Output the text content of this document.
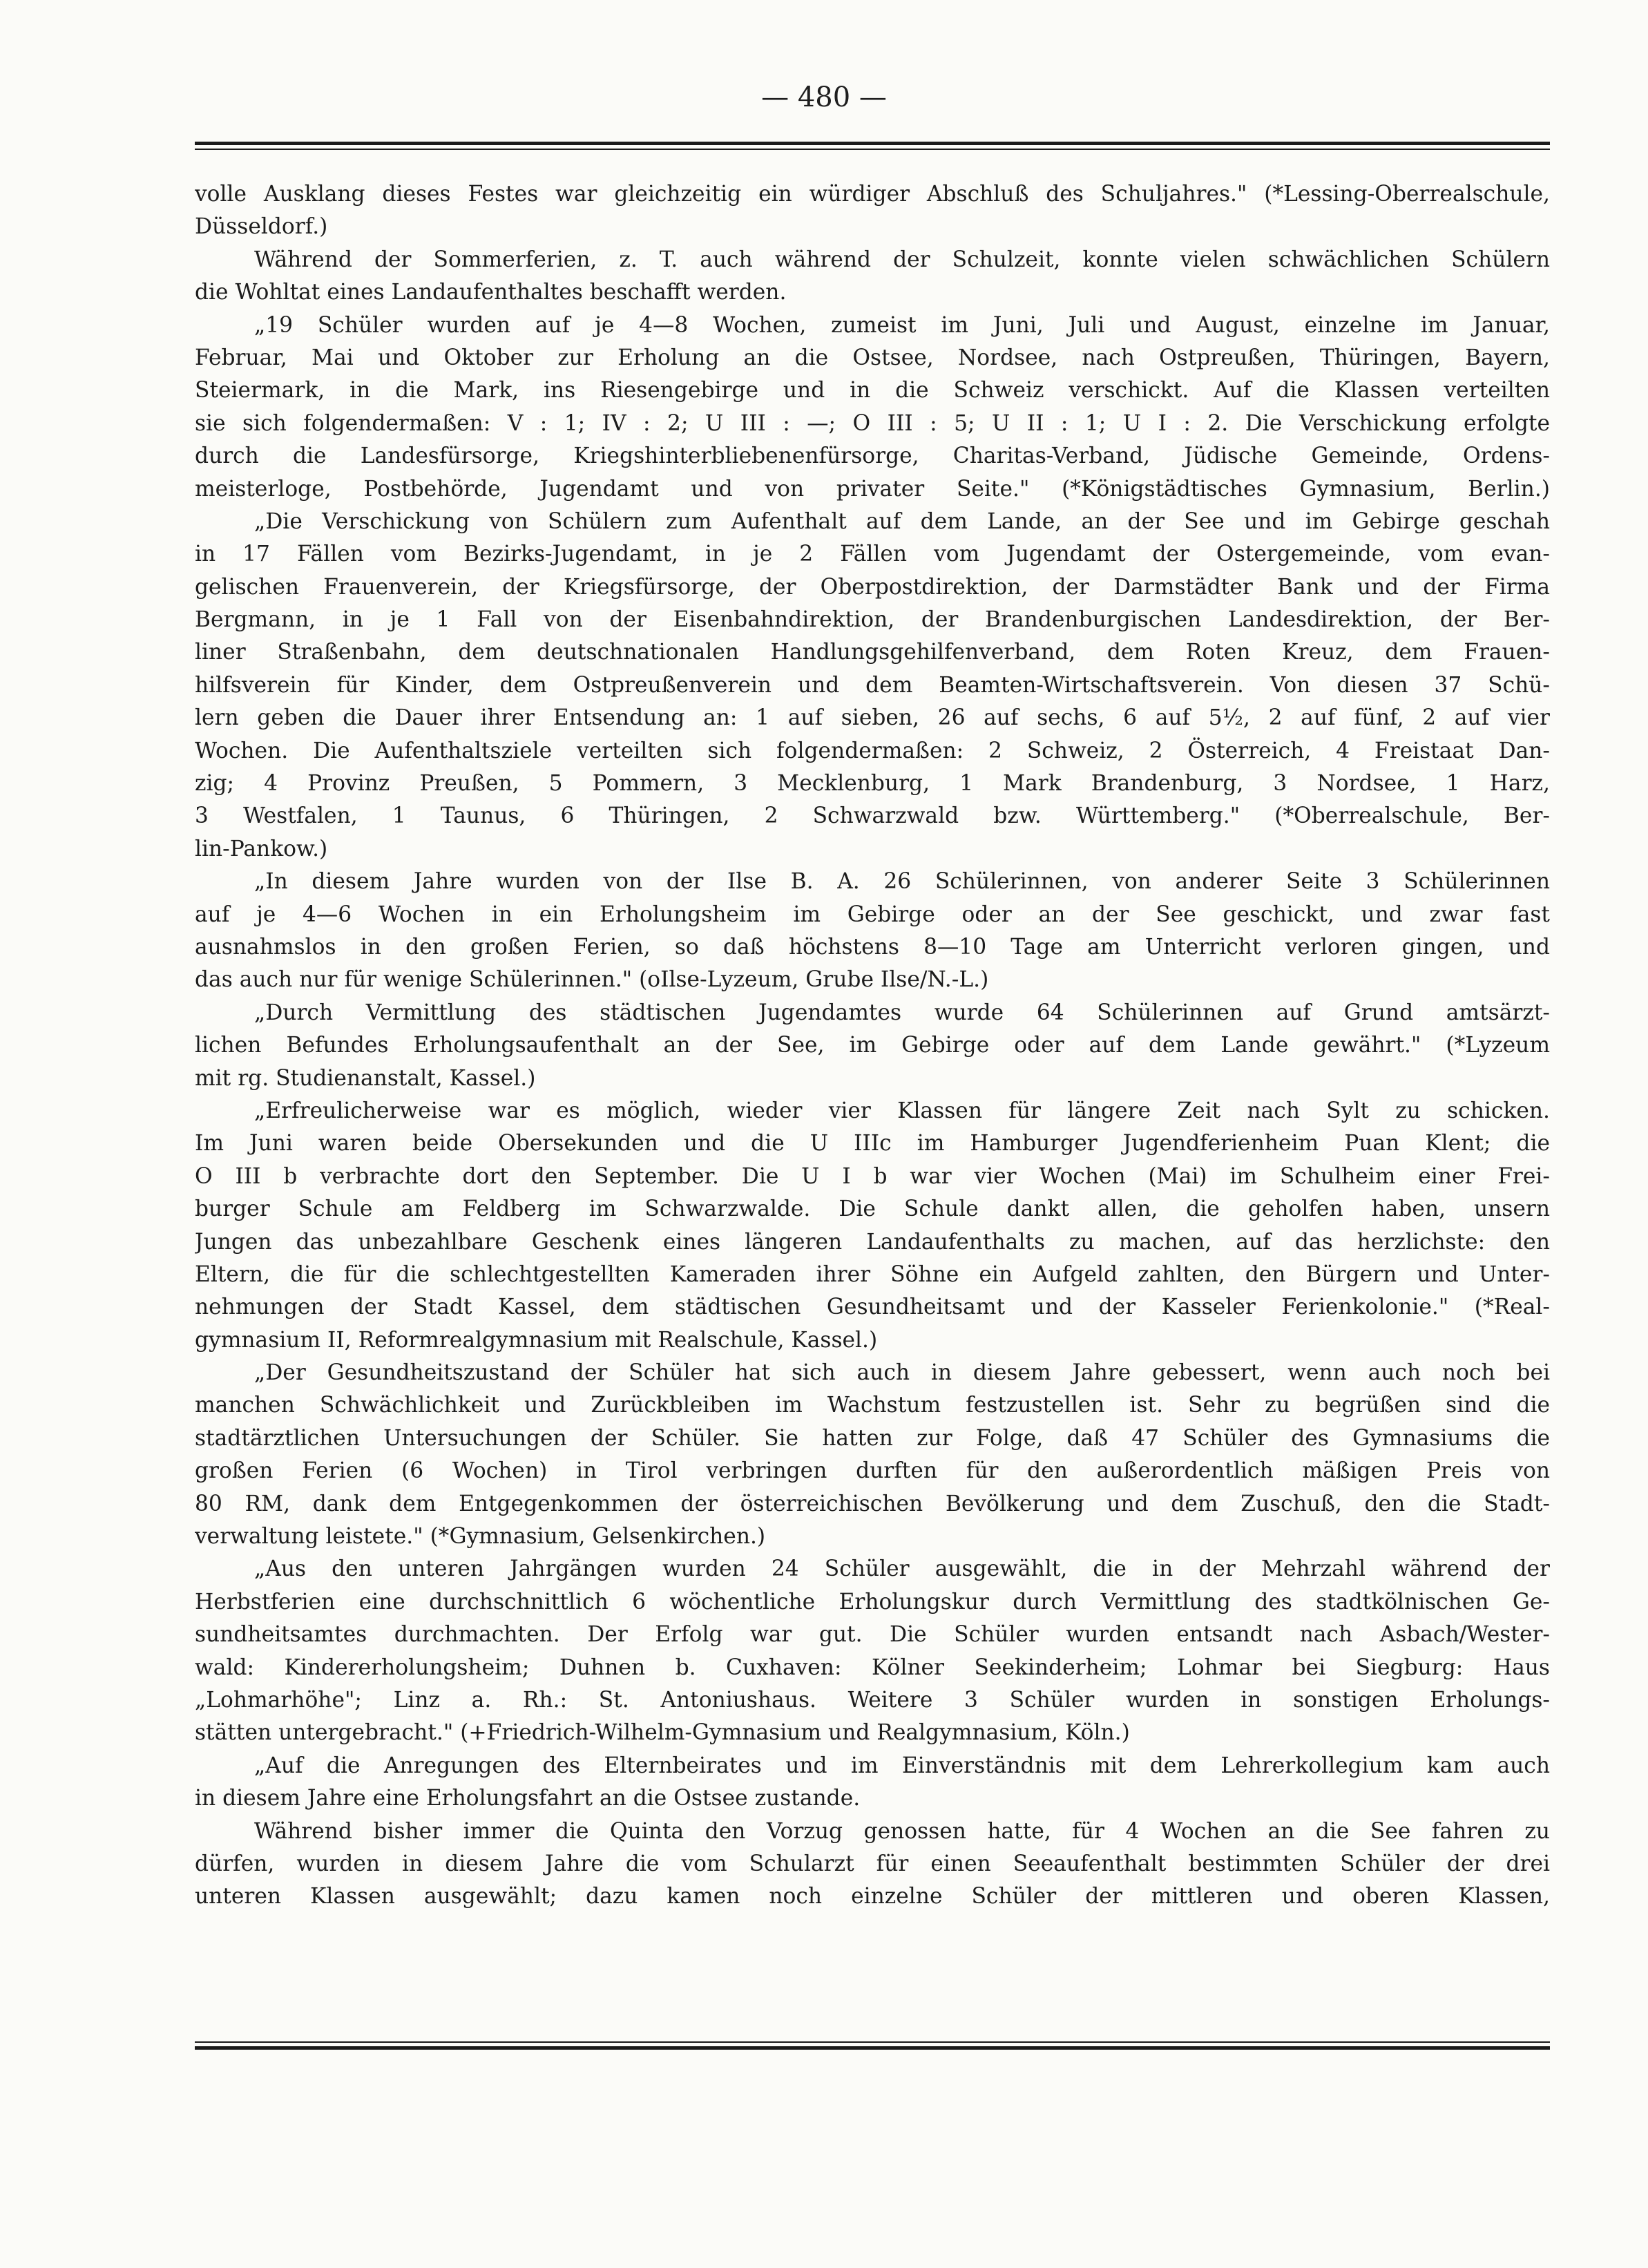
— 480 —
volle Ausklang dieses Festes war gleichzeitig ein würdiger Abschluß des Schuljahres." (*Lessing-Oberrealschule,
Düsseldorf.)
Während der Sommerferien, z. T. auch während der Schulzeit, konnte vielen schwächlichen Schülern
die Wohltat eines Landaufenthaltes beschafft werden.
„19 Schüler wurden auf je 4—8 Wochen, zumeist im Juni, Juli und August, einzelne im Januar,
Februar, Mai und Oktober zur Erholung an die Ostsee, Nordsee, nach Ostpreußen, Thüringen, Bayern,
Steiermark, in die Mark, ins Riesengebirge und in die Schweiz verschickt. Auf die Klassen verteilten
sie sich folgendermaßen: V : 1; IV : 2; U III : —; O III : 5; U II : 1; U I : 2. Die Verschickung erfolgte
durch die Landesfürsorge, Kriegshinterbliebenenfürsorge, Charitas-Verband, Jüdische Gemeinde, Ordens-
meisterloge, Postbehörde, Jugendamt und von privater Seite." (*Königstädtisches Gymnasium, Berlin.)
„Die Verschickung von Schülern zum Aufenthalt auf dem Lande, an der See und im Gebirge geschah
in 17 Fällen vom Bezirks-Jugendamt, in je 2 Fällen vom Jugendamt der Ostergemeinde, vom evan-
gelischen Frauenverein, der Kriegsfürsorge, der Oberpostdirektion, der Darmstädter Bank und der Firma
Bergmann, in je 1 Fall von der Eisenbahndirektion, der Brandenburgischen Landesdirektion, der Ber-
liner Straßenbahn, dem deutschnationalen Handlungsgehilfenverband, dem Roten Kreuz, dem Frauen-
hilfsverein für Kinder, dem Ostpreußenverein und dem Beamten-Wirtschaftsverein. Von diesen 37 Schü-
lern geben die Dauer ihrer Entsendung an: 1 auf sieben, 26 auf sechs, 6 auf 5½, 2 auf fünf, 2 auf vier
Wochen. Die Aufenthaltsziele verteilten sich folgendermaßen: 2 Schweiz, 2 Österreich, 4 Freistaat Dan-
zig; 4 Provinz Preußen, 5 Pommern, 3 Mecklenburg, 1 Mark Brandenburg, 3 Nordsee, 1 Harz,
3 Westfalen, 1 Taunus, 6 Thüringen, 2 Schwarzwald bzw. Württemberg." (*Oberrealschule, Ber-
lin-Pankow.)
„In diesem Jahre wurden von der Ilse B. A. 26 Schülerinnen, von anderer Seite 3 Schülerinnen
auf je 4—6 Wochen in ein Erholungsheim im Gebirge oder an der See geschickt, und zwar fast
ausnahmslos in den großen Ferien, so daß höchstens 8—10 Tage am Unterricht verloren gingen, und
das auch nur für wenige Schülerinnen." (oIlse-Lyzeum, Grube Ilse/N.-L.)
„Durch Vermittlung des städtischen Jugendamtes wurde 64 Schülerinnen auf Grund amtsärzt-
lichen Befundes Erholungsaufenthalt an der See, im Gebirge oder auf dem Lande gewährt." (*Lyzeum
mit rg. Studienanstalt, Kassel.)
„Erfreulicherweise war es möglich, wieder vier Klassen für längere Zeit nach Sylt zu schicken.
Im Juni waren beide Obersekunden und die U IIIc im Hamburger Jugendferienheim Puan Klent; die
O III b verbrachte dort den September. Die U I b war vier Wochen (Mai) im Schulheim einer Frei-
burger Schule am Feldberg im Schwarzwalde. Die Schule dankt allen, die geholfen haben, unsern
Jungen das unbezahlbare Geschenk eines längeren Landaufenthalts zu machen, auf das herzlichste: den
Eltern, die für die schlechtgestellten Kameraden ihrer Söhne ein Aufgeld zahlten, den Bürgern und Unter-
nehmungen der Stadt Kassel, dem städtischen Gesundheitsamt und der Kasseler Ferienkolonie." (*Real-
gymnasium II, Reformrealgymnasium mit Realschule, Kassel.)
„Der Gesundheitszustand der Schüler hat sich auch in diesem Jahre gebessert, wenn auch noch bei
manchen Schwächlichkeit und Zurückbleiben im Wachstum festzustellen ist. Sehr zu begrüßen sind die
stadtärztlichen Untersuchungen der Schüler. Sie hatten zur Folge, daß 47 Schüler des Gymnasiums die
großen Ferien (6 Wochen) in Tirol verbringen durften für den außerordentlich mäßigen Preis von
80 RM, dank dem Entgegenkommen der österreichischen Bevölkerung und dem Zuschuß, den die Stadt-
verwaltung leistete." (*Gymnasium, Gelsenkirchen.)
„Aus den unteren Jahrgängen wurden 24 Schüler ausgewählt, die in der Mehrzahl während der
Herbstferien eine durchschnittlich 6 wöchentliche Erholungskur durch Vermittlung des stadtkölnischen Ge-
sundheitsamtes durchmachten. Der Erfolg war gut. Die Schüler wurden entsandt nach Asbach/Wester-
wald: Kindererholungsheim; Duhnen b. Cuxhaven: Kölner Seekinderheim; Lohmar bei Siegburg: Haus
„Lohmarhöhe"; Linz a. Rh.: St. Antoniushaus. Weitere 3 Schüler wurden in sonstigen Erholungs-
stätten untergebracht." (+Friedrich-Wilhelm-Gymnasium und Realgymnasium, Köln.)
„Auf die Anregungen des Elternbeirates und im Einverständnis mit dem Lehrerkollegium kam auch
in diesem Jahre eine Erholungsfahrt an die Ostsee zustande.
Während bisher immer die Quinta den Vorzug genossen hatte, für 4 Wochen an die See fahren zu
dürfen, wurden in diesem Jahre die vom Schularzt für einen Seeaufenthalt bestimmten Schüler der drei
unteren Klassen ausgewählt; dazu kamen noch einzelne Schüler der mittleren und oberen Klassen,
